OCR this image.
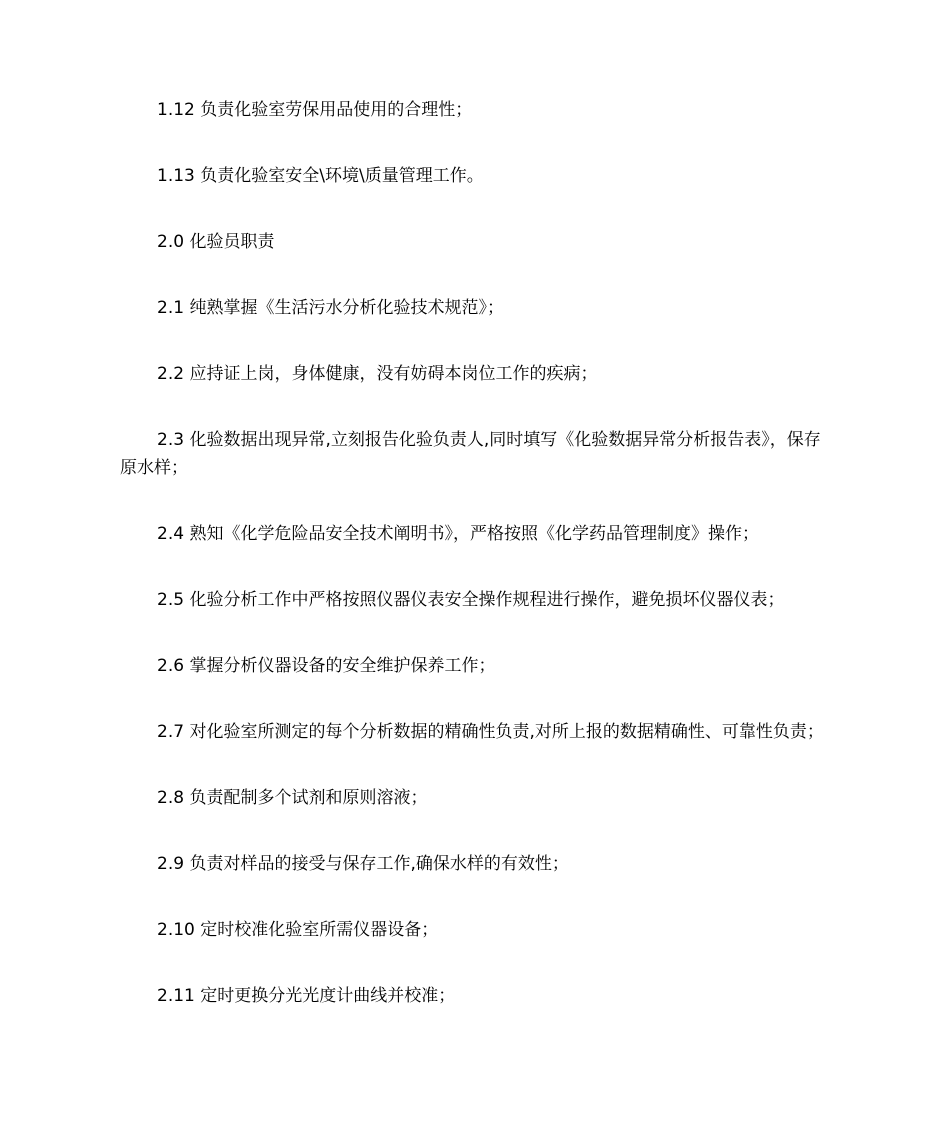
1.12 负责化验室劳保用品使用的合理性；

1.13 负责化验室安全\环境\质量管理工作。

2.0 化验员职责

2.1 纯熟掌握《生活污水分析化验技术规范》；

2.2 应持证上岗，身体健康，没有妨碍本岗位工作的疾病；

2.3 化验数据出现异常,立刻报告化验负责人,同时填写《化验数据异常分析报告表》，保存原水样；

2.4 熟知《化学危险品安全技术阐明书》，严格按照《化学药品管理制度》操作；

2.5 化验分析工作中严格按照仪器仪表安全操作规程进行操作，避免损坏仪器仪表；

2.6 掌握分析仪器设备的安全维护保养工作；

2.7 对化验室所测定的每个分析数据的精确性负责,对所上报的数据精确性、可靠性负责；

2.8 负责配制多个试剂和原则溶液；

2.9 负责对样品的接受与保存工作,确保水样的有效性；

2.10 定时校准化验室所需仪器设备；

2.11 定时更换分光光度计曲线并校准；
